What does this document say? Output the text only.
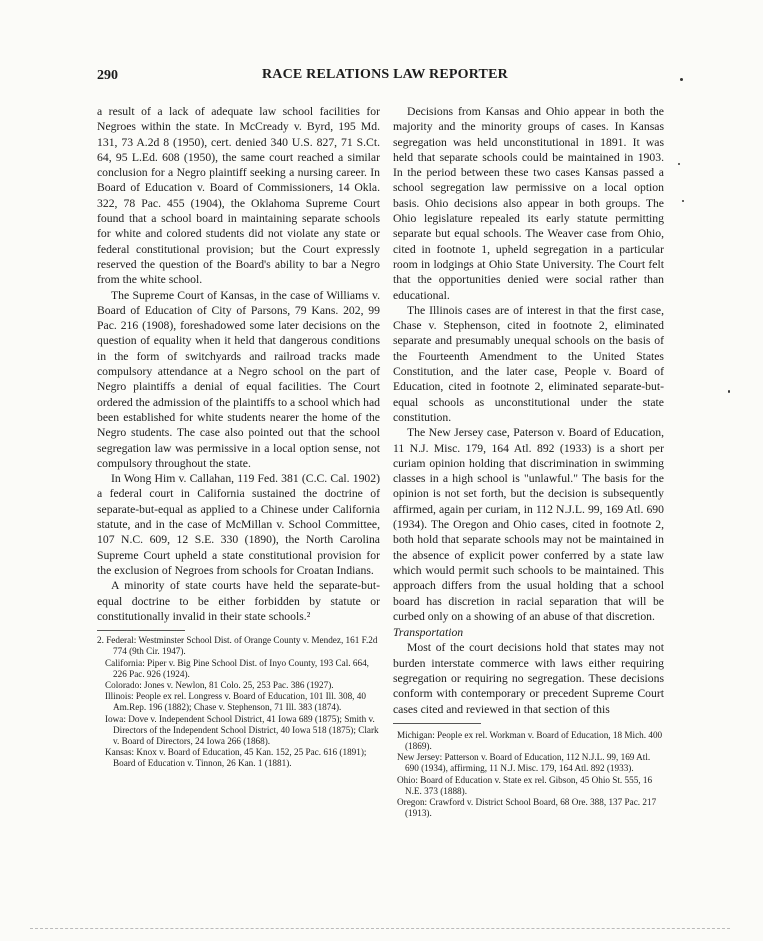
290	RACE RELATIONS LAW REPORTER

a result of a lack of adequate law school facilities for Negroes within the state. In McCready v. Byrd, 195 Md. 131, 73 A.2d 8 (1950), cert. denied 340 U.S. 827, 71 S.Ct. 64, 95 L.Ed. 608 (1950), the same court reached a similar conclusion for a Negro plaintiff seeking a nursing career. In Board of Education v. Board of Commissioners, 14 Okla. 322, 78 Pac. 455 (1904), the Oklahoma Supreme Court found that a school board in maintaining separate schools for white and colored students did not violate any state or federal constitutional provision; but the Court expressly reserved the question of the Board's ability to bar a Negro from the white school.

The Supreme Court of Kansas, in the case of Williams v. Board of Education of City of Parsons, 79 Kans. 202, 99 Pac. 216 (1908), foreshadowed some later decisions on the question of equality when it held that dangerous conditions in the form of switchyards and railroad tracks made compulsory attendance at a Negro school on the part of Negro plaintiffs a denial of equal facilities. The Court ordered the admission of the plaintiffs to a school which had been established for white students nearer the home of the Negro students. The case also pointed out that the school segregation law was permissive in a local option sense, not compulsory throughout the state.

In Wong Him v. Callahan, 119 Fed. 381 (C.C. Cal. 1902) a federal court in California sustained the doctrine of separate-but-equal as applied to a Chinese under California statute, and in the case of McMillan v. School Committee, 107 N.C. 609, 12 S.E. 330 (1890), the North Carolina Supreme Court upheld a state constitutional provision for the exclusion of Negroes from schools for Croatan Indians.

A minority of state courts have held the separate-but-equal doctrine to be either forbidden by statute or constitutionally invalid in their state schools.²

2. Federal: Westminster School Dist. of Orange County v. Mendez, 161 F.2d 774 (9th Cir. 1947).

California: Piper v. Big Pine School Dist. of Inyo County, 193 Cal. 664, 226 Pac. 926 (1924).

Colorado: Jones v. Newlon, 81 Colo. 25, 253 Pac. 386 (1927).

Illinois: People ex rel. Longress v. Board of Education, 101 Ill. 308, 40 Am.Rep. 196 (1882); Chase v. Stephenson, 71 Ill. 383 (1874).

Iowa: Dove v. Independent School District, 41 Iowa 689 (1875); Smith v. Directors of the Independent School District, 40 Iowa 518 (1875); Clark v. Board of Directors, 24 Iowa 266 (1868).

Kansas: Knox v. Board of Education, 45 Kan. 152, 25 Pac. 616 (1891); Board of Education v. Tinnon, 26 Kan. 1 (1881).

Decisions from Kansas and Ohio appear in both the majority and the minority groups of cases. In Kansas segregation was held unconstitutional in 1891. It was held that separate schools could be maintained in 1903. In the period between these two cases Kansas passed a school segregation law permissive on a local option basis. Ohio decisions also appear in both groups. The Ohio legislature repealed its early statute permitting separate but equal schools. The Weaver case from Ohio, cited in footnote 1, upheld segregation in a particular room in lodgings at Ohio State University. The Court felt that the opportunities denied were social rather than educational.

The Illinois cases are of interest in that the first case, Chase v. Stephenson, cited in footnote 2, eliminated separate and presumably unequal schools on the basis of the Fourteenth Amendment to the United States Constitution, and the later case, People v. Board of Education, cited in footnote 2, eliminated separate-but-equal schools as unconstitutional under the state constitution.

The New Jersey case, Paterson v. Board of Education, 11 N.J. Misc. 179, 164 Atl. 892 (1933) is a short per curiam opinion holding that discrimination in swimming classes in a high school is "unlawful." The basis for the opinion is not set forth, but the decision is subsequently affirmed, again per curiam, in 112 N.J.L. 99, 169 Atl. 690 (1934). The Oregon and Ohio cases, cited in footnote 2, both hold that separate schools may not be maintained in the absence of explicit power conferred by a state law which would permit such schools to be maintained. This approach differs from the usual holding that a school board has discretion in racial separation that will be curbed only on a showing of an abuse of that discretion.

Transportation

Most of the court decisions hold that states may not burden interstate commerce with laws either requiring segregation or requiring no segregation. These decisions conform with contemporary or precedent Supreme Court cases cited and reviewed in that section of this

Michigan: People ex rel. Workman v. Board of Education, 18 Mich. 400 (1869).

New Jersey: Patterson v. Board of Education, 112 N.J.L. 99, 169 Atl. 690 (1934), affirming, 11 N.J. Misc. 179, 164 Atl. 892 (1933).

Ohio: Board of Education v. State ex rel. Gibson, 45 Ohio St. 555, 16 N.E. 373 (1888).

Oregon: Crawford v. District School Board, 68 Ore. 388, 137 Pac. 217 (1913).
